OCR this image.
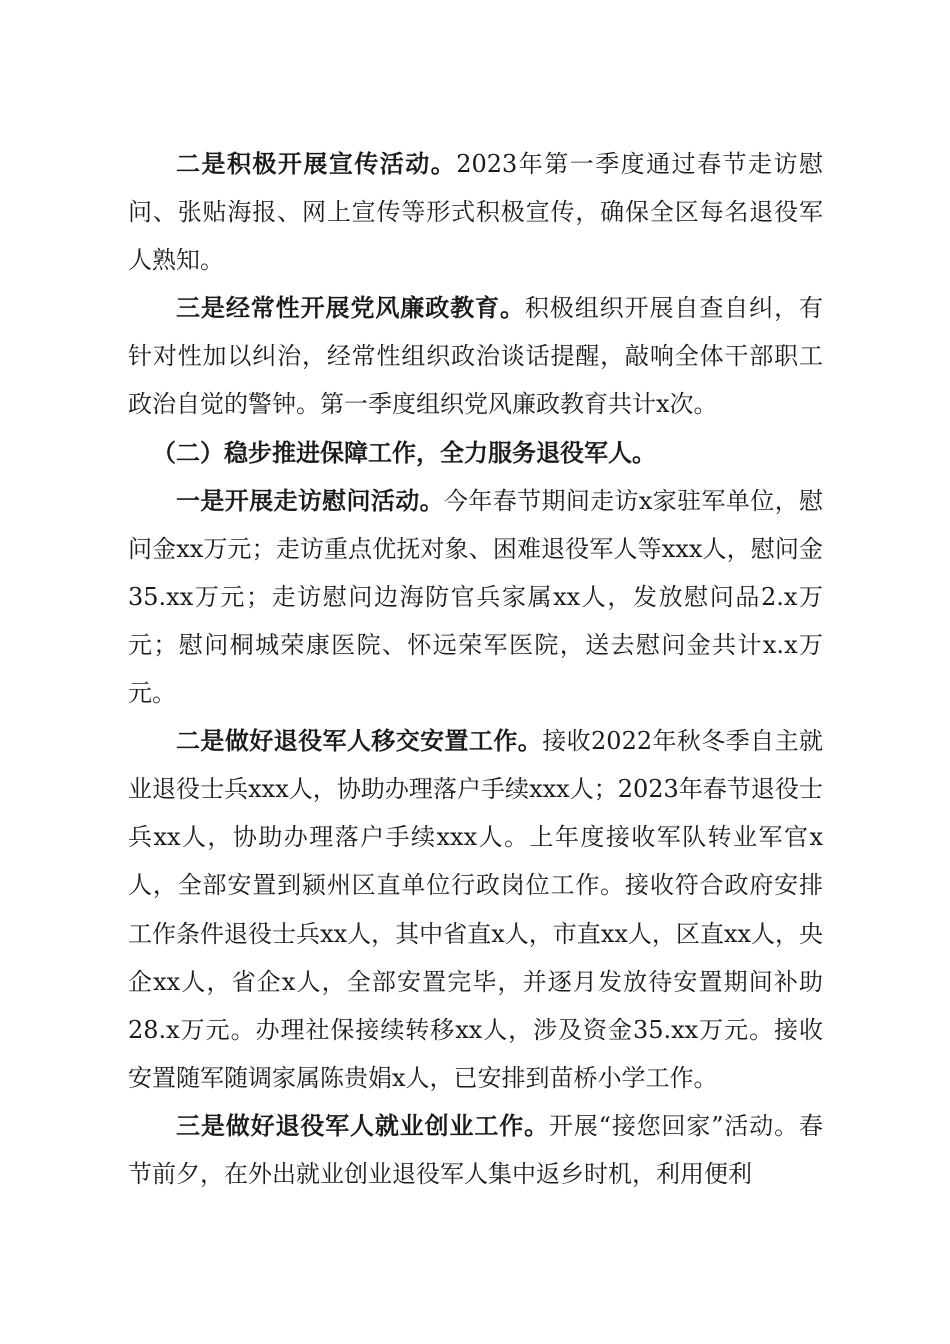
二是积极开展宣传活动。2023年第一季度通过春节走访慰问、张贴海报、网上宣传等形式积极宣传，确保全区每名退役军人熟知。

三是经常性开展党风廉政教育。积极组织开展自查自纠，有针对性加以纠治，经常性组织政治谈话提醒，敲响全体干部职工政治自觉的警钟。第一季度组织党风廉政教育共计x次。

（二）稳步推进保障工作，全力服务退役军人。

一是开展走访慰问活动。今年春节期间走访x家驻军单位，慰问金xx万元；走访重点优抚对象、困难退役军人等xxx人，慰问金35.xx万元；走访慰问边海防官兵家属xx人，发放慰问品2.x万元；慰问桐城荣康医院、怀远荣军医院，送去慰问金共计x.x万元。

二是做好退役军人移交安置工作。接收2022年秋冬季自主就业退役士兵xxx人，协助办理落户手续xxx人；2023年春节退役士兵xx人，协助办理落户手续xxx人。上年度接收军队转业军官x人，全部安置到颍州区直单位行政岗位工作。接收符合政府安排工作条件退役士兵xx人，其中省直x人，市直xx人，区直xx人，央企xx人，省企x人，全部安置完毕，并逐月发放待安置期间补助28.x万元。办理社保接续转移xx人，涉及资金35.xx万元。接收安置随军随调家属陈贵娟x人，已安排到苗桥小学工作。

三是做好退役军人就业创业工作。开展“接您回家”活动。春节前夕，在外出就业创业退役军人集中返乡时机，利用便利
